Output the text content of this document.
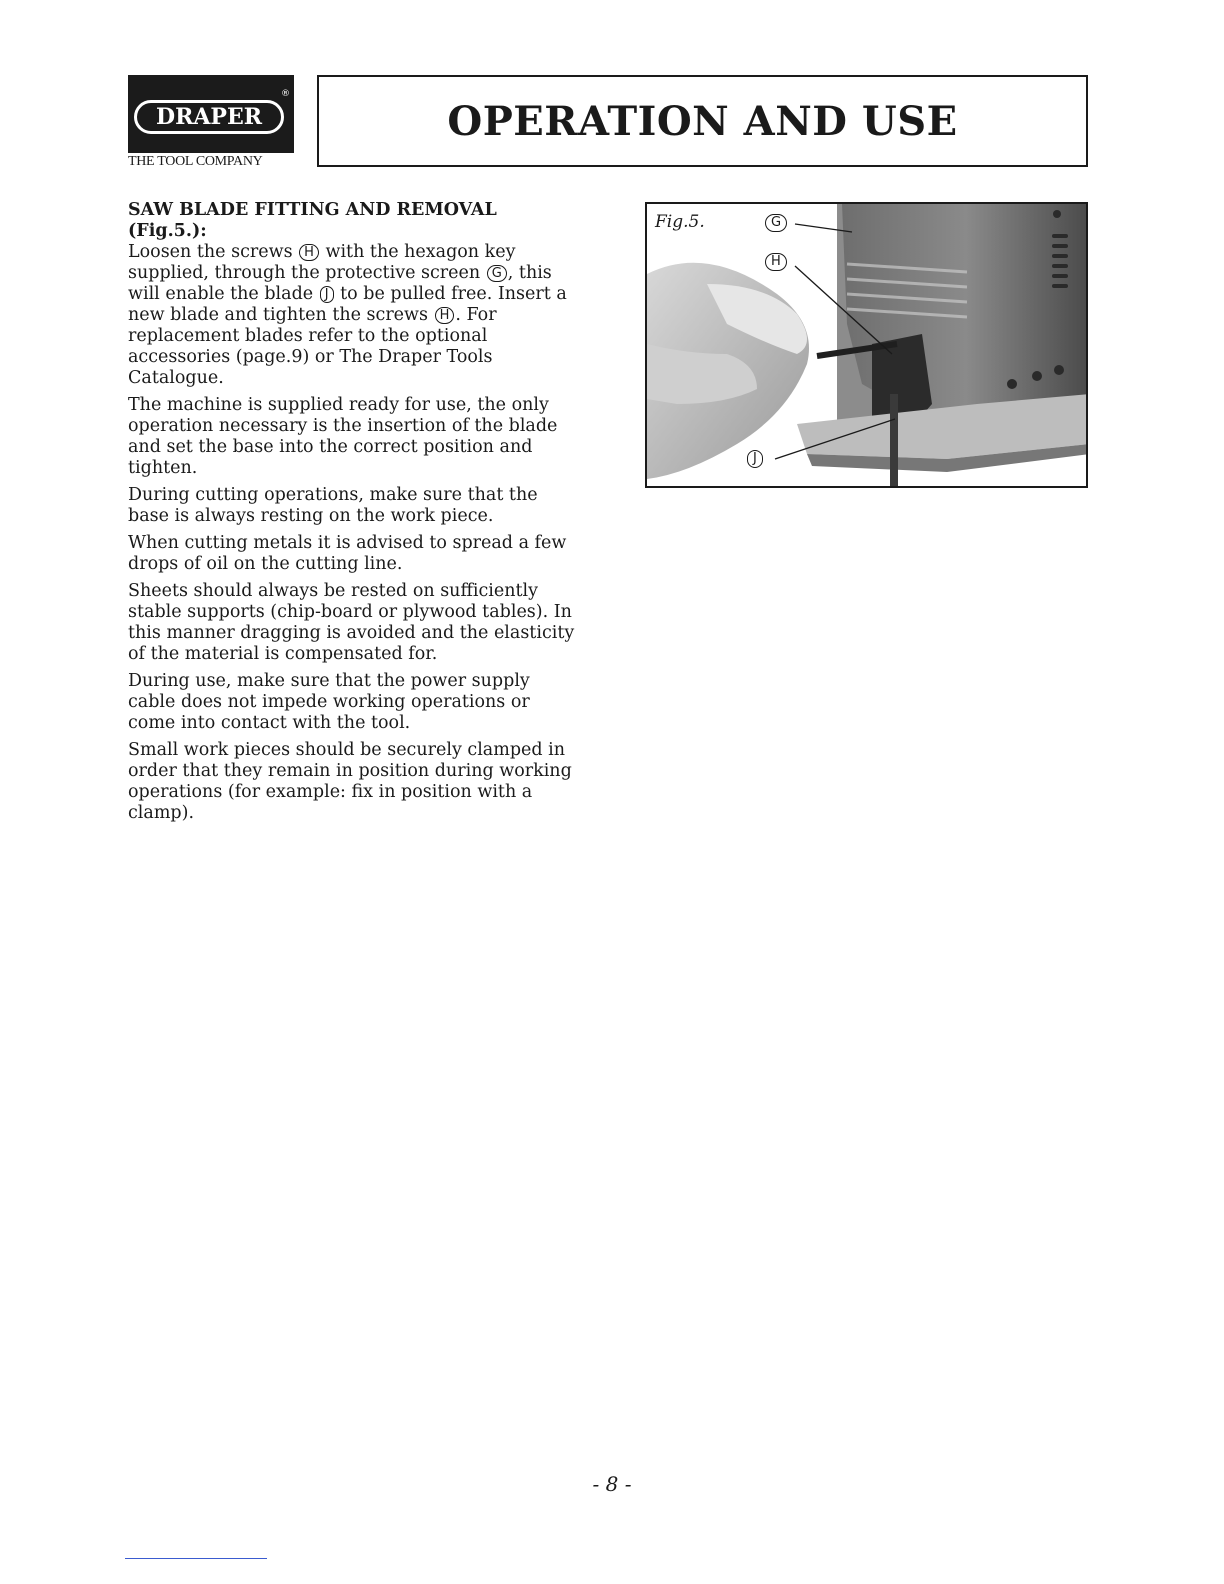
®
DRAPER
THE TOOL COMPANY
OPERATION AND USE
SAW BLADE FITTING AND REMOVAL
(Fig.5.):

Loosen the screws H with the hexagon key supplied, through the protective screen G , this will enable the blade J to be pulled free. Insert a new blade and tighten the screws H . For replacement blades refer to the optional accessories (page.9) or The Draper Tools Catalogue.

The machine is supplied ready for use, the only operation necessary is the insertion of the blade and set the base into the correct position and tighten.

During cutting operations, make sure that the base is always resting on the work piece.

When cutting metals it is advised to spread a few drops of oil on the cutting line.

Sheets should always be rested on sufficiently stable supports (chip-board or plywood tables). In this manner dragging is avoided and the elasticity of the material is compensated for.

During use, make sure that the power supply cable does not impede working operations or come into contact with the tool.

Small work pieces should be securely clamped in order that they remain in position during working operations (for example: fix in position with a clamp).

Fig.5.	G
H
J
- 8 -
